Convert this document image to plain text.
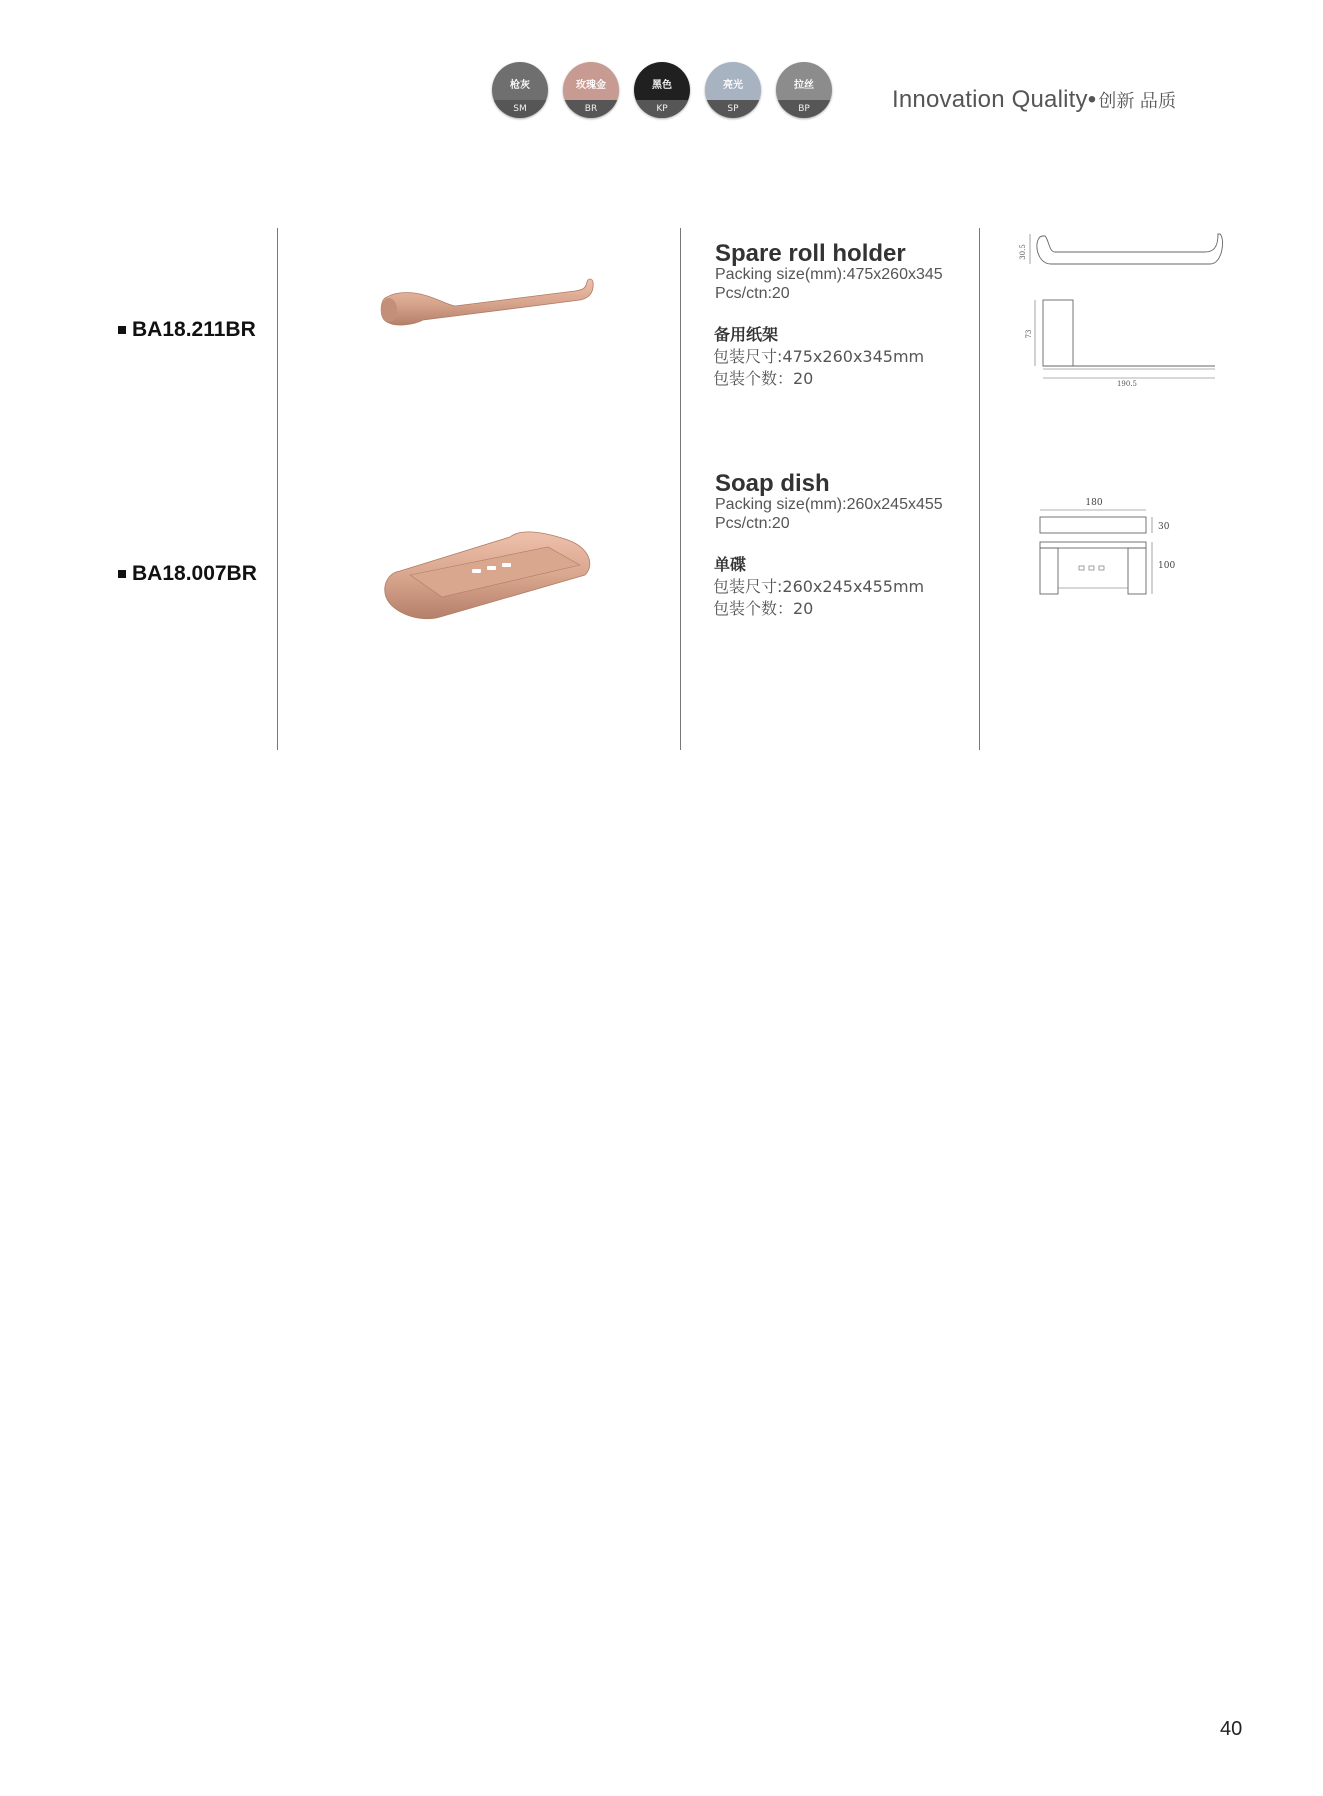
枪灰
SM
玫瑰金
BR
黑色
KP
亮光
SP
拉丝
BP	Innovation Quality• 创新 品质
BA18.211BR
Spare roll holder
Packing size(mm):475x260x345
Pcs/ctn:20
备用纸架
包装尺寸:475x260x345mm
包装个数：20
30.5
73
190.5
BA18.007BR
Soap dish
Packing size(mm):260x245x455
Pcs/ctn:20
单碟
包装尺寸:260x245x455mm
包装个数：20
180
30
100
40
